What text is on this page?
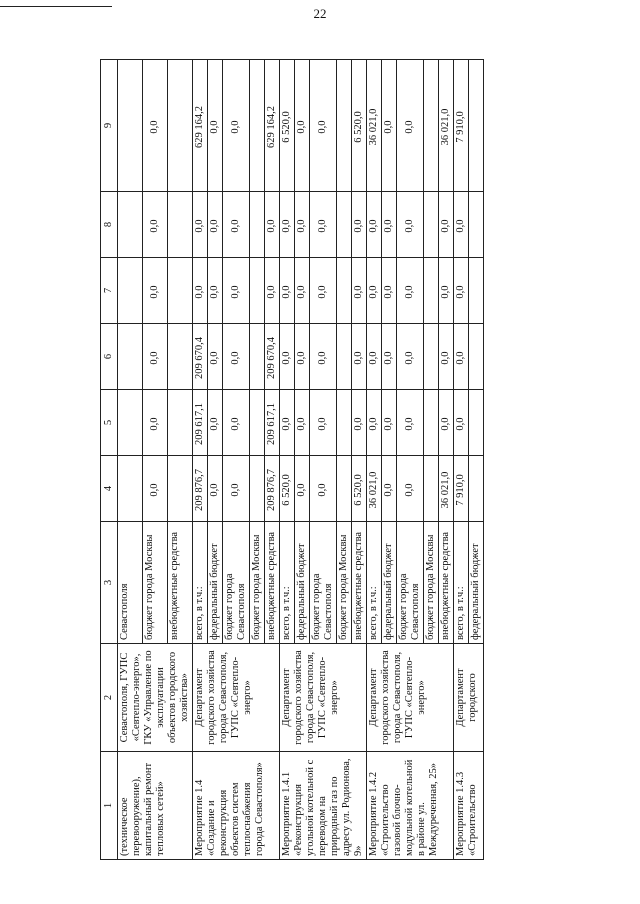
22
1	2	3	4	5	6	7	8	9
(техническое перевооружение), капитальный ремонт тепловых сетей»	Севастополя, ГУПС «Севтепло-энерго», ГКУ «Управление по эксплуатации объектов городского хозяйства»	Севастополя						
		бюджет города Москвы	0,0	0,0	0,0	0,0	0,0	0,0
		внебюджетные средства						
Мероприятие 1.4 «Создание и реконструкция объектов систем теплоснабжения города Севастополя»	Департамент городского хозяйства города Севастополя, ГУПС «Севтепло-энерго»	всего, в т.ч.:	209 876,7	209 617,1	209 670,4	0,0	0,0	629 164,2
		федеральный бюджет	0,0	0,0	0,0	0,0	0,0	0,0
		бюджет города Севастополя	0,0	0,0	0,0	0,0	0,0	0,0
		бюджет города Москвы						
		внебюджетные средства	209 876,7	209 617,1	209 670,4	0,0	0,0	629 164,2
Мероприятие 1.4.1 «Реконструкция угольной котельной с переводом на природный газ по адресу ул. Родионова, 9»	Департамент городского хозяйства города Севастополя, ГУПС «Севтепло-энерго»	всего, в т.ч.:	6 520,0	0,0	0,0	0,0	0,0	6 520,0
		федеральный бюджет	0,0	0,0	0,0	0,0	0,0	0,0
		бюджет города Севастополя	0,0	0,0	0,0	0,0	0,0	0,0
		бюджет города Москвы						
		внебюджетные средства	6 520,0	0,0	0,0	0,0	0,0	6 520,0
Мероприятие 1.4.2 «Строительство газовой блочно-модульной котельной в районе ул. Междуреченная, 25»	Департамент городского хозяйства города Севастополя, ГУПС «Севтепло-энерго»	всего, в т.ч.:	36 021,0	0,0	0,0	0,0	0,0	36 021,0
		федеральный бюджет	0,0	0,0	0,0	0,0	0,0	0,0
		бюджет города Севастополя	0,0	0,0	0,0	0,0	0,0	0,0
		бюджет города Москвы						
		внебюджетные средства	36 021,0	0,0	0,0	0,0	0,0	36 021,0
Мероприятие 1.4.3 «Строительство	Департамент городского	всего, в т.ч.:	7 910,0	0,0	0,0	0,0	0,0	7 910,0
		федеральный бюджет						
